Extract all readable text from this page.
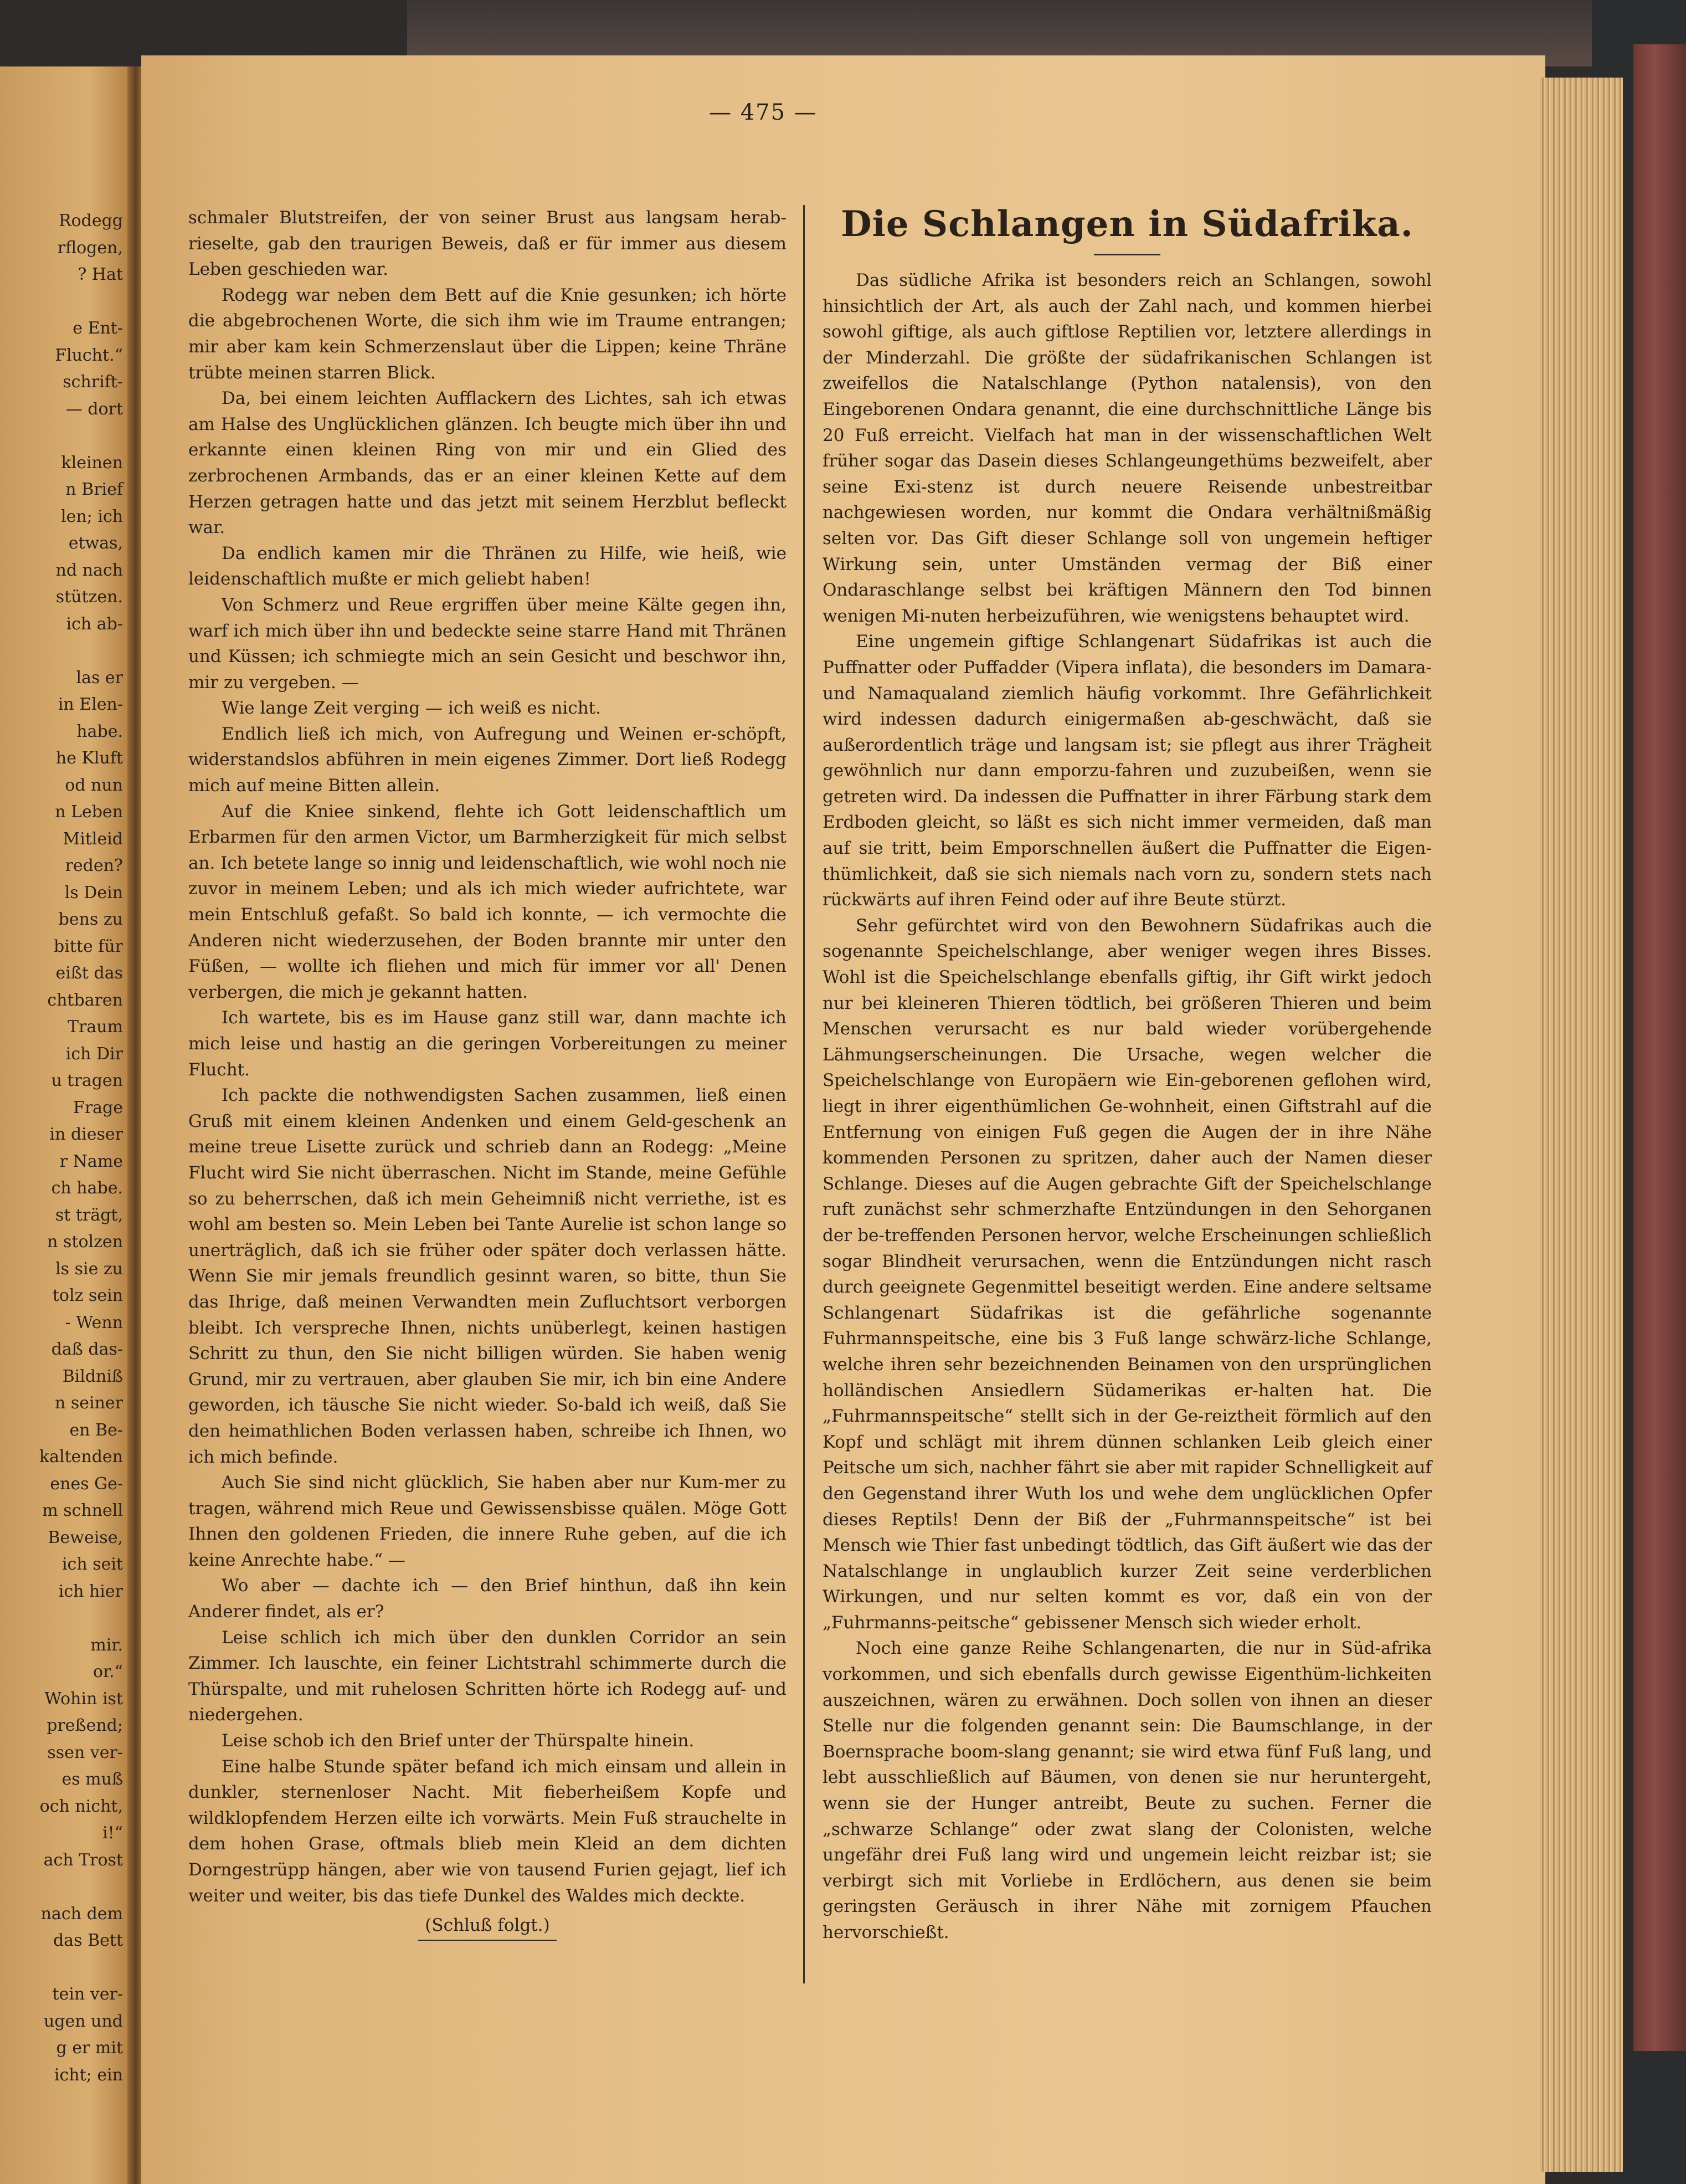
Rodegg
rflogen,
? Hat
e Ent-
Flucht.“
schrift-
— dort
kleinen
n Brief
len; ich
etwas,
nd nach
stützen.
ich ab-
las er
in Elen-
habe.
he Kluft
od nun
n Leben
Mitleid
reden?
ls Dein
bens zu
bitte für
eißt das
chtbaren
Traum
ich Dir
u tragen
Frage
in dieser
r Name
ch habe.
st trägt,
n stolzen
ls sie zu
tolz sein
- Wenn
daß das-
Bildniß
n seiner
en Be-
kaltenden
enes Ge-
m schnell
Beweise,
ich seit
ich hier
mir.
or.“
Wohin ist
preßend;
ssen ver-
es muß
och nicht,
i!“
ach Trost
nach dem
das Bett
tein ver-
ugen und
g er mit
icht; ein
— 475 —

schmaler Blutstreifen, der von seiner Brust aus langsam herab-rieselte, gab den traurigen Beweis, daß er für immer aus diesem Leben geschieden war.

Rodegg war neben dem Bett auf die Knie gesunken; ich hörte die abgebrochenen Worte, die sich ihm wie im Traume entrangen; mir aber kam kein Schmerzenslaut über die Lippen; keine Thräne trübte meinen starren Blick.

Da, bei einem leichten Aufflackern des Lichtes, sah ich etwas am Halse des Unglücklichen glänzen. Ich beugte mich über ihn und erkannte einen kleinen Ring von mir und ein Glied des zerbrochenen Armbands, das er an einer kleinen Kette auf dem Herzen getragen hatte und das jetzt mit seinem Herzblut befleckt war.

Da endlich kamen mir die Thränen zu Hilfe, wie heiß, wie leidenschaftlich mußte er mich geliebt haben!

Von Schmerz und Reue ergriffen über meine Kälte gegen ihn, warf ich mich über ihn und bedeckte seine starre Hand mit Thränen und Küssen; ich schmiegte mich an sein Gesicht und beschwor ihn, mir zu vergeben. —

Wie lange Zeit verging — ich weiß es nicht.

Endlich ließ ich mich, von Aufregung und Weinen er-schöpft, widerstandslos abführen in mein eigenes Zimmer. Dort ließ Rodegg mich auf meine Bitten allein.

Auf die Kniee sinkend, flehte ich Gott leidenschaftlich um Erbarmen für den armen Victor, um Barmherzigkeit für mich selbst an. Ich betete lange so innig und leidenschaftlich, wie wohl noch nie zuvor in meinem Leben; und als ich mich wieder aufrichtete, war mein Entschluß gefaßt. So bald ich konnte, — ich vermochte die Anderen nicht wiederzusehen, der Boden brannte mir unter den Füßen, — wollte ich fliehen und mich für immer vor all' Denen verbergen, die mich je gekannt hatten.

Ich wartete, bis es im Hause ganz still war, dann machte ich mich leise und hastig an die geringen Vorbereitungen zu meiner Flucht.

Ich packte die nothwendigsten Sachen zusammen, ließ einen Gruß mit einem kleinen Andenken und einem Geld-geschenk an meine treue Lisette zurück und schrieb dann an Rodegg: „Meine Flucht wird Sie nicht überraschen. Nicht im Stande, meine Gefühle so zu beherrschen, daß ich mein Geheimniß nicht verriethe, ist es wohl am besten so. Mein Leben bei Tante Aurelie ist schon lange so unerträglich, daß ich sie früher oder später doch verlassen hätte. Wenn Sie mir jemals freundlich gesinnt waren, so bitte, thun Sie das Ihrige, daß meinen Verwandten mein Zufluchtsort verborgen bleibt. Ich verspreche Ihnen, nichts unüberlegt, keinen hastigen Schritt zu thun, den Sie nicht billigen würden. Sie haben wenig Grund, mir zu vertrauen, aber glauben Sie mir, ich bin eine Andere geworden, ich täusche Sie nicht wieder. So-bald ich weiß, daß Sie den heimathlichen Boden verlassen haben, schreibe ich Ihnen, wo ich mich befinde.

Auch Sie sind nicht glücklich, Sie haben aber nur Kum-mer zu tragen, während mich Reue und Gewissensbisse quälen. Möge Gott Ihnen den goldenen Frieden, die innere Ruhe geben, auf die ich keine Anrechte habe.“ —

Wo aber — dachte ich — den Brief hinthun, daß ihn kein Anderer findet, als er?

Leise schlich ich mich über den dunklen Corridor an sein Zimmer. Ich lauschte, ein feiner Lichtstrahl schimmerte durch die Thürspalte, und mit ruhelosen Schritten hörte ich Rodegg auf- und niedergehen.

Leise schob ich den Brief unter der Thürspalte hinein.

Eine halbe Stunde später befand ich mich einsam und allein in dunkler, sternenloser Nacht. Mit fieberheißem Kopfe und wildklopfendem Herzen eilte ich vorwärts. Mein Fuß strauchelte in dem hohen Grase, oftmals blieb mein Kleid an dem dichten Dorngestrüpp hängen, aber wie von tausend Furien gejagt, lief ich weiter und weiter, bis das tiefe Dunkel des Waldes mich deckte.

(Schluß folgt.)
Die Schlangen in Südafrika.

Das südliche Afrika ist besonders reich an Schlangen, sowohl hinsichtlich der Art, als auch der Zahl nach, und kommen hierbei sowohl giftige, als auch giftlose Reptilien vor, letztere allerdings in der Minderzahl. Die größte der südafrikanischen Schlangen ist zweifellos die Natalschlange (Python natalensis), von den Eingeborenen Ondara genannt, die eine durchschnittliche Länge bis 20 Fuß erreicht. Vielfach hat man in der wissenschaftlichen Welt früher sogar das Dasein dieses Schlangeungethüms bezweifelt, aber seine Exi-stenz ist durch neuere Reisende unbestreitbar nachgewiesen worden, nur kommt die Ondara verhältnißmäßig selten vor. Das Gift dieser Schlange soll von ungemein heftiger Wirkung sein, unter Umständen vermag der Biß einer Ondaraschlange selbst bei kräftigen Männern den Tod binnen wenigen Mi-nuten herbeizuführen, wie wenigstens behauptet wird.

Eine ungemein giftige Schlangenart Südafrikas ist auch die Puffnatter oder Puffadder (Vipera inflata), die besonders im Damara- und Namaqualand ziemlich häufig vorkommt. Ihre Gefährlichkeit wird indessen dadurch einigermaßen ab-geschwächt, daß sie außerordentlich träge und langsam ist; sie pflegt aus ihrer Trägheit gewöhnlich nur dann emporzu-fahren und zuzubeißen, wenn sie getreten wird. Da indessen die Puffnatter in ihrer Färbung stark dem Erdboden gleicht, so läßt es sich nicht immer vermeiden, daß man auf sie tritt, beim Emporschnellen äußert die Puffnatter die Eigen-thümlichkeit, daß sie sich niemals nach vorn zu, sondern stets nach rückwärts auf ihren Feind oder auf ihre Beute stürzt.

Sehr gefürchtet wird von den Bewohnern Südafrikas auch die sogenannte Speichelschlange, aber weniger wegen ihres Bisses. Wohl ist die Speichelschlange ebenfalls giftig, ihr Gift wirkt jedoch nur bei kleineren Thieren tödtlich, bei größeren Thieren und beim Menschen verursacht es nur bald wieder vorübergehende Lähmungserscheinungen. Die Ursache, wegen welcher die Speichelschlange von Europäern wie Ein-geborenen geflohen wird, liegt in ihrer eigenthümlichen Ge-wohnheit, einen Giftstrahl auf die Entfernung von einigen Fuß gegen die Augen der in ihre Nähe kommenden Personen zu spritzen, daher auch der Namen dieser Schlange. Dieses auf die Augen gebrachte Gift der Speichelschlange ruft zunächst sehr schmerzhafte Entzündungen in den Sehorganen der be-treffenden Personen hervor, welche Erscheinungen schließlich sogar Blindheit verursachen, wenn die Entzündungen nicht rasch durch geeignete Gegenmittel beseitigt werden. Eine andere seltsame Schlangenart Südafrikas ist die gefährliche sogenannte Fuhrmannspeitsche, eine bis 3 Fuß lange schwärz-liche Schlange, welche ihren sehr bezeichnenden Beinamen von den ursprünglichen holländischen Ansiedlern Südamerikas er-halten hat. Die „Fuhrmannspeitsche“ stellt sich in der Ge-reiztheit förmlich auf den Kopf und schlägt mit ihrem dünnen schlanken Leib gleich einer Peitsche um sich, nachher fährt sie aber mit rapider Schnelligkeit auf den Gegenstand ihrer Wuth los und wehe dem unglücklichen Opfer dieses Reptils! Denn der Biß der „Fuhrmannspeitsche“ ist bei Mensch wie Thier fast unbedingt tödtlich, das Gift äußert wie das der Natalschlange in unglaublich kurzer Zeit seine verderblichen Wirkungen, und nur selten kommt es vor, daß ein von der „Fuhrmanns-peitsche“ gebissener Mensch sich wieder erholt.

Noch eine ganze Reihe Schlangenarten, die nur in Süd-afrika vorkommen, und sich ebenfalls durch gewisse Eigenthüm-lichkeiten auszeichnen, wären zu erwähnen. Doch sollen von ihnen an dieser Stelle nur die folgenden genannt sein: Die Baumschlange, in der Boernsprache boom-slang genannt; sie wird etwa fünf Fuß lang, und lebt ausschließlich auf Bäumen, von denen sie nur heruntergeht, wenn sie der Hunger antreibt, Beute zu suchen. Ferner die „schwarze Schlange“ oder zwat slang der Colonisten, welche ungefähr drei Fuß lang wird und ungemein leicht reizbar ist; sie verbirgt sich mit Vorliebe in Erdlöchern, aus denen sie beim geringsten Geräusch in ihrer Nähe mit zornigem Pfauchen hervorschießt.
